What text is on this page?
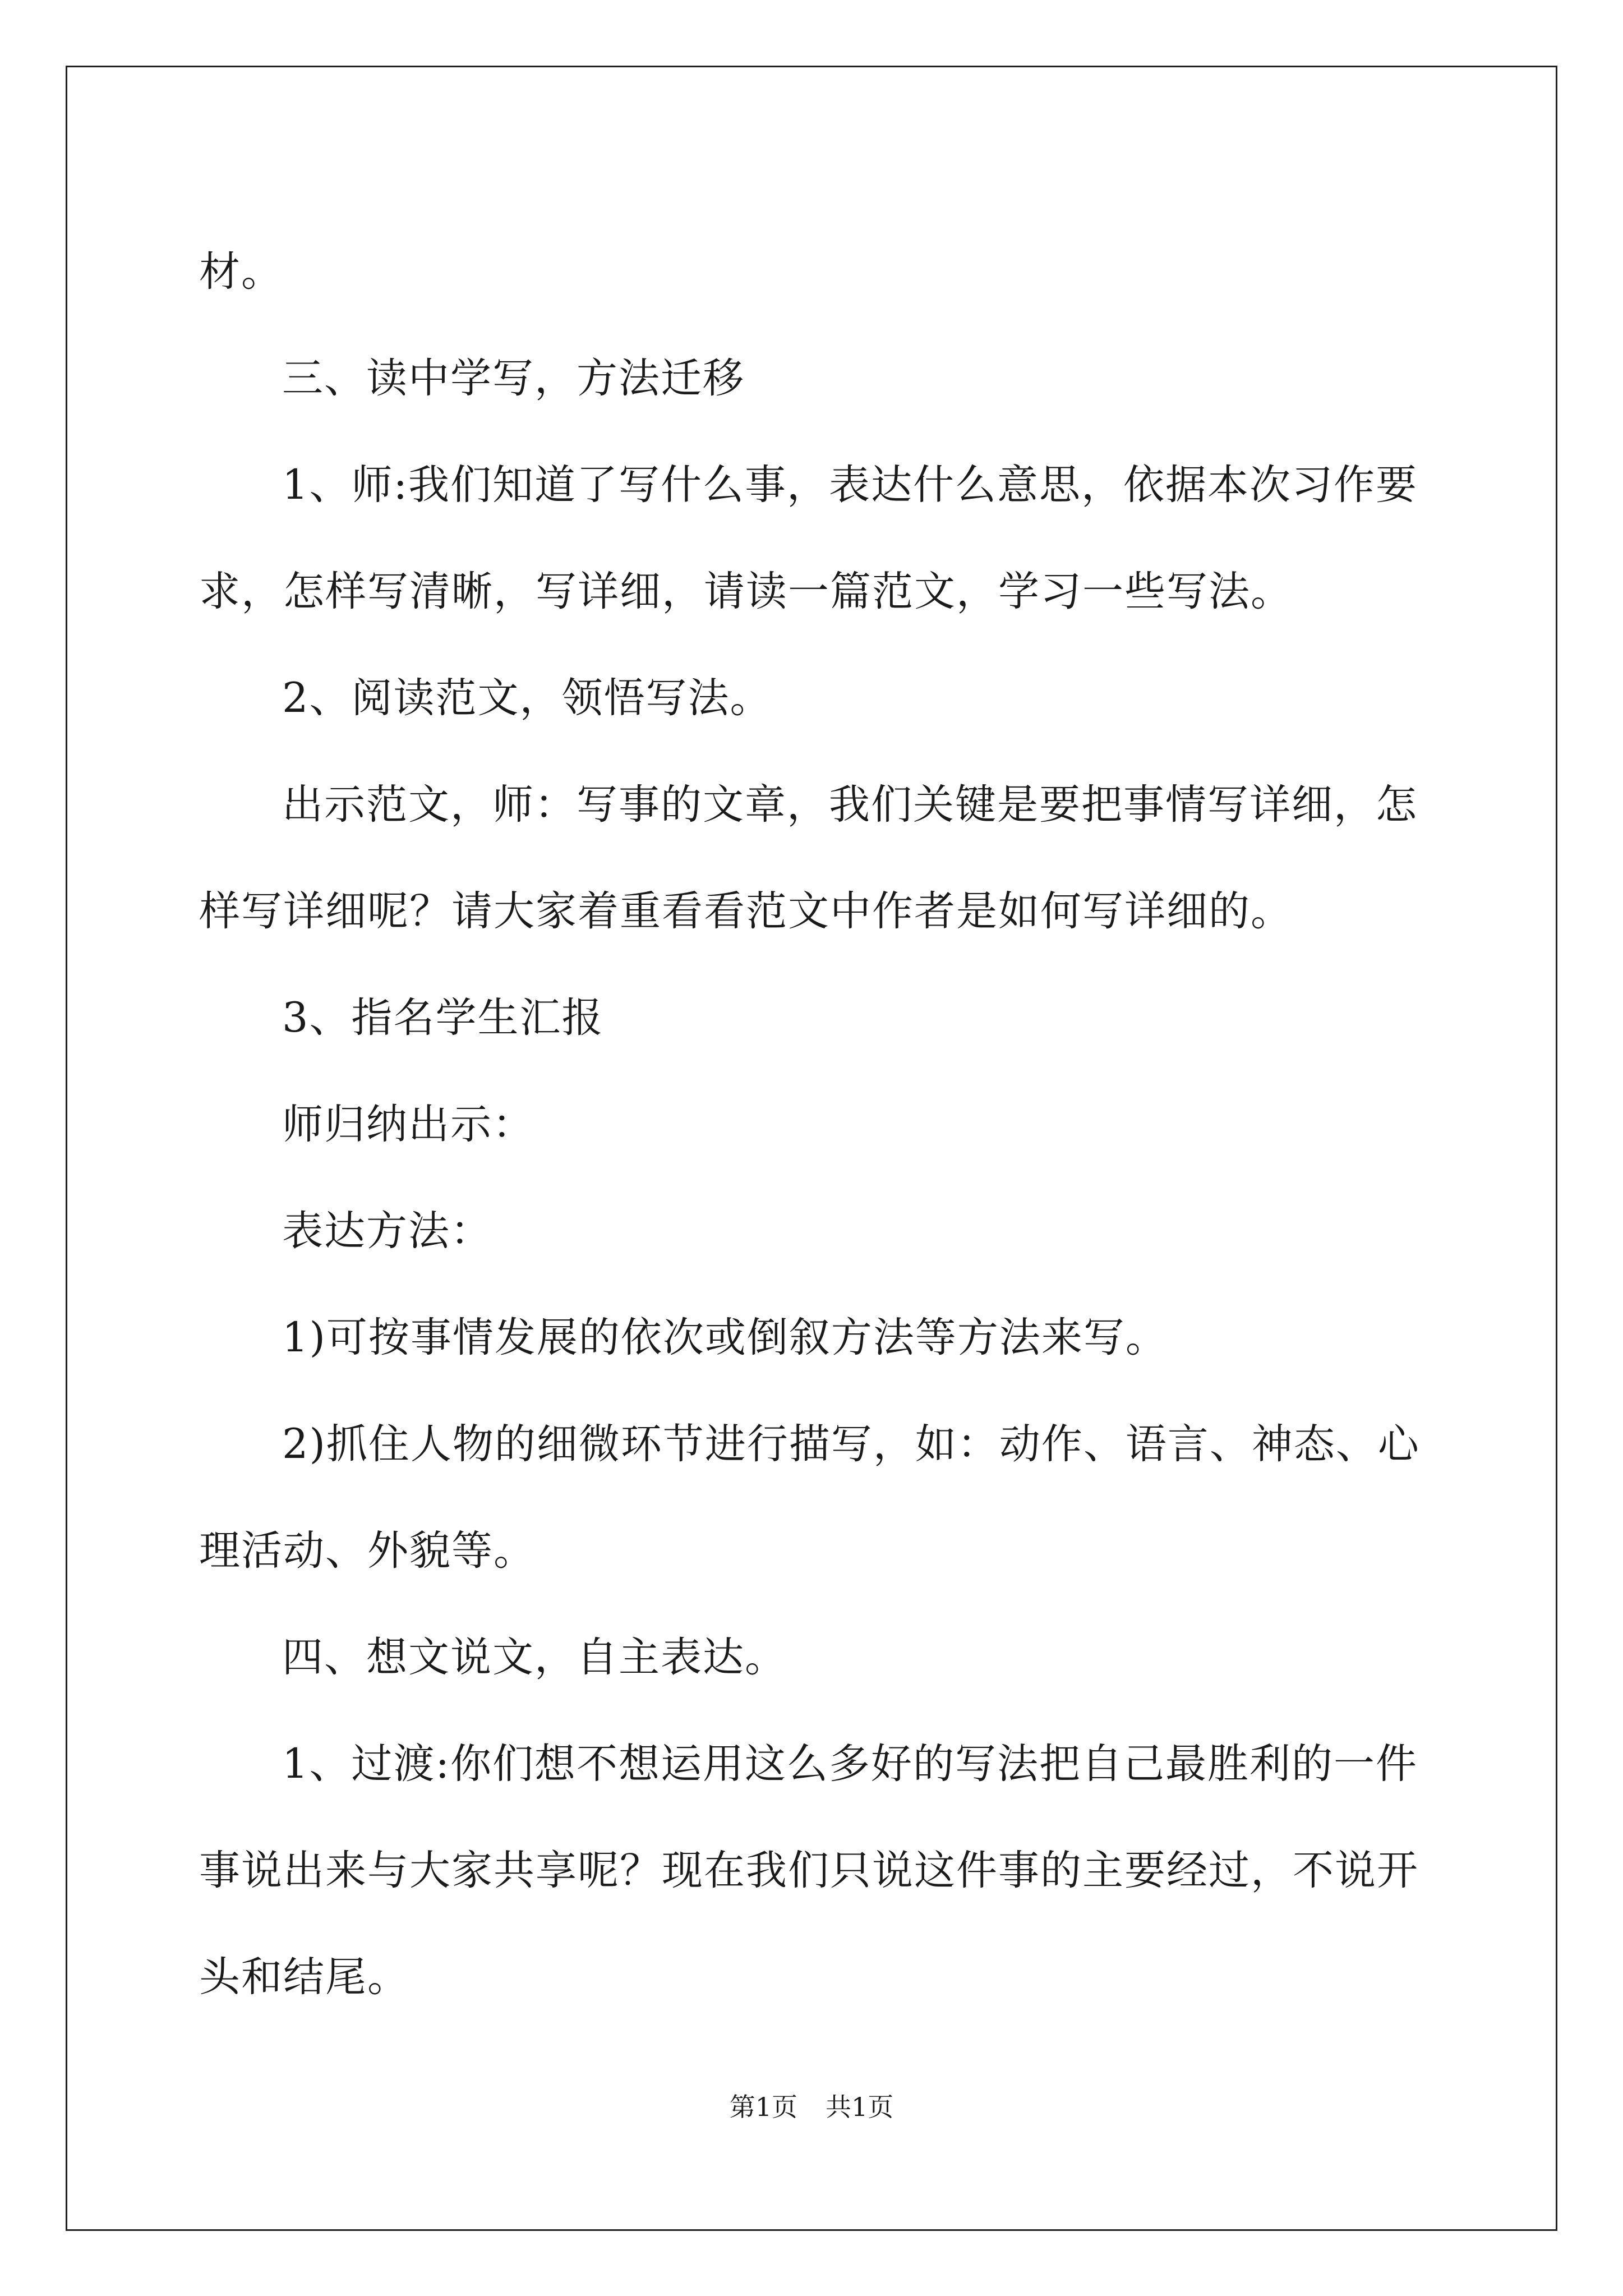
材。

三、读中学写，方法迁移

1、师:我们知道了写什么事，表达什么意思，依据本次习作要求，怎样写清晰，写详细，请读一篇范文，学习一些写法。

2、阅读范文，领悟写法。

出示范文，师：写事的文章，我们关键是要把事情写详细，怎样写详细呢？请大家着重看看范文中作者是如何写详细的。

3、指名学生汇报

师归纳出示：

表达方法：

1)可按事情发展的依次或倒叙方法等方法来写。

2)抓住人物的细微环节进行描写，如：动作、语言、神态、心理活动、外貌等。

四、想文说文，自主表达。

1、过渡:你们想不想运用这么多好的写法把自己最胜利的一件事说出来与大家共享呢？现在我们只说这件事的主要经过，不说开头和结尾。

第1页 共1页
